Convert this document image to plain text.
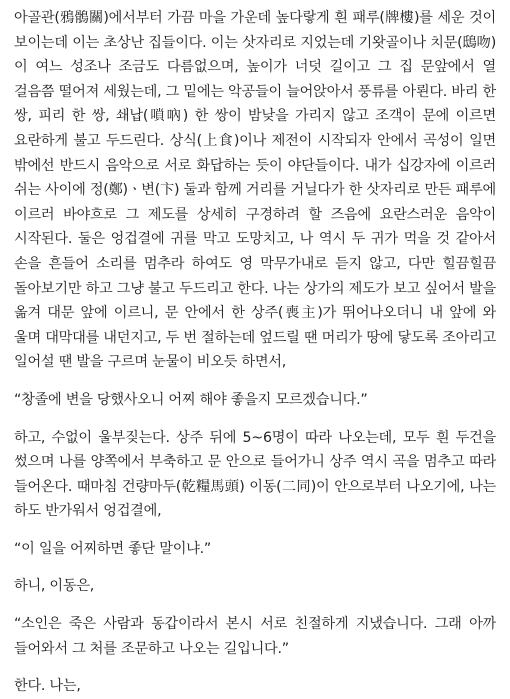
아골관(鴉鶻關)에서부터 가끔 마을 가운데 높다랗게 흰 패루(牌樓)를 세운 것이 보이는데 이는 초상난 집들이다. 이는 삿자리로 지었는데 기왓골이나 치문(鴟吻)이 여느 성조나 조금도 다름없으며, 높이가 너덧 길이고 그 집 문앞에서 열 걸음쯤 떨어져 세웠는데, 그 밑에는 악공들이 늘어앉아서 풍류를 아뢴다. 바리 한 쌍, 피리 한 쌍, 쇄납(嗩吶) 한 쌍이 밤낮을 가리지 않고 조객이 문에 이르면 요란하게 불고 두드린다. 상식(上食)이나 제전이 시작되자 안에서 곡성이 일면 밖에선 반드시 음악으로 서로 화답하는 듯이 야단들이다. 내가 십강자에 이르러 쉬는 사이에 정(鄭)ㆍ변(卞) 둘과 함께 거리를 거닐다가 한 삿자리로 만든 패루에 이르러 바야흐로 그 제도를 상세히 구경하려 할 즈음에 요란스러운 음악이 시작된다. 둘은 엉겁결에 귀를 막고 도망치고, 나 역시 두 귀가 먹을 것 같아서 손을 흔들어 소리를 멈추라 하여도 영 막무가내로 듣지 않고, 다만 힐끔힐끔 돌아보기만 하고 그냥 불고 두드리고 한다. 나는 상가의 제도가 보고 싶어서 발을 옮겨 대문 앞에 이르니, 문 안에서 한 상주(喪主)가 뛰어나오더니 내 앞에 와 울며 대막대를 내던지고, 두 번 절하는데 엎드릴 땐 머리가 땅에 닿도록 조아리고 일어설 땐 발을 구르며 눈물이 비오듯 하면서,

“창졸에 변을 당했사오니 어찌 해야 좋을지 모르겠습니다.”

하고, 수없이 울부짖는다. 상주 뒤에 5~6명이 따라 나오는데, 모두 흰 두건을 썼으며 나를 양쪽에서 부축하고 문 안으로 들어가니 상주 역시 곡을 멈추고 따라 들어온다. 때마침 건량마두(乾糧馬頭) 이동(二同)이 안으로부터 나오기에, 나는 하도 반가워서 엉겁결에,

“이 일을 어찌하면 좋단 말이냐.”

하니, 이동은,

“소인은 죽은 사람과 동갑이라서 본시 서로 친절하게 지냈습니다. 그래 아까 들어와서 그 처를 조문하고 나오는 길입니다.”

한다. 나는,
